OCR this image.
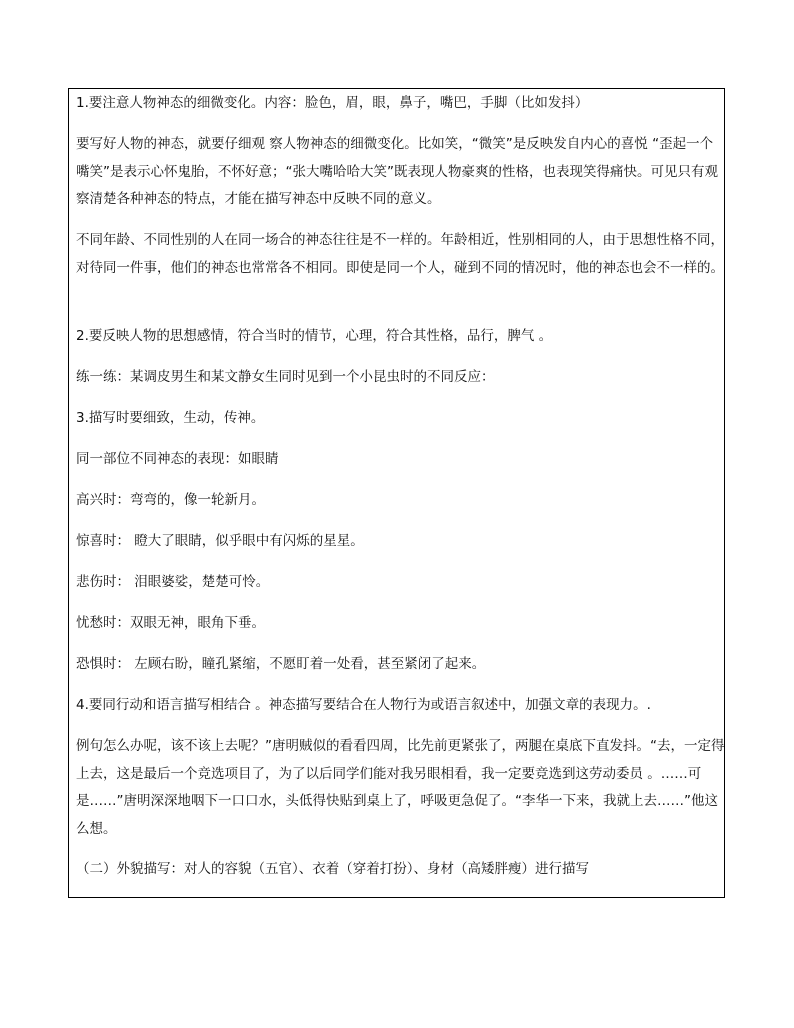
1.要注意人物神态的细微变化。内容：脸色，眉，眼，鼻子，嘴巴，手脚（比如发抖）
要写好人物的神态，就要仔细观 察人物神态的细微变化。比如笑，“微笑”是反映发自内心的喜悦 “歪起一个嘴笑”是表示心怀鬼胎，不怀好意；“张大嘴哈哈大笑”既表现人物豪爽的性格，也表现笑得痛快。可见只有观察清楚各种神态的特点，才能在描写神态中反映不同的意义。
不同年龄、不同性别的人在同一场合的神态往往是不一样的。年龄相近，性别相同的人，由于思想性格不同，对待同一件事，他们的神态也常常各不相同。即使是同一个人，碰到不同的情况时，他的神态也会不一样的。
2.要反映人物的思想感情，符合当时的情节，心理，符合其性格，品行，脾气 。
练一练：某调皮男生和某文静女生同时见到一个小昆虫时的不同反应：
3.描写时要细致，生动，传神。
同一部位不同神态的表现：如眼睛
高兴时：弯弯的，像一轮新月。
惊喜时： 瞪大了眼睛，似乎眼中有闪烁的星星。
悲伤时： 泪眼婆娑，楚楚可怜。
忧愁时：双眼无神，眼角下垂。
恐惧时： 左顾右盼，瞳孔紧缩，不愿盯着一处看，甚至紧闭了起来。
4.要同行动和语言描写相结合 。神态描写要结合在人物行为或语言叙述中，加强文章的表现力。.
例句怎么办呢，该不该上去呢？”唐明贼似的看看四周，比先前更紧张了，两腿在桌底下直发抖。“去，一定得上去，这是最后一个竞选项目了，为了以后同学们能对我另眼相看，我一定要竞选到这劳动委员 。……可是……”唐明深深地咽下一口口水，头低得快贴到桌上了，呼吸更急促了。“李华一下来，我就上去……”他这么想。
（二）外貌描写：对人的容貌（五官）、衣着（穿着打扮）、身材（高矮胖瘦）进行描写
